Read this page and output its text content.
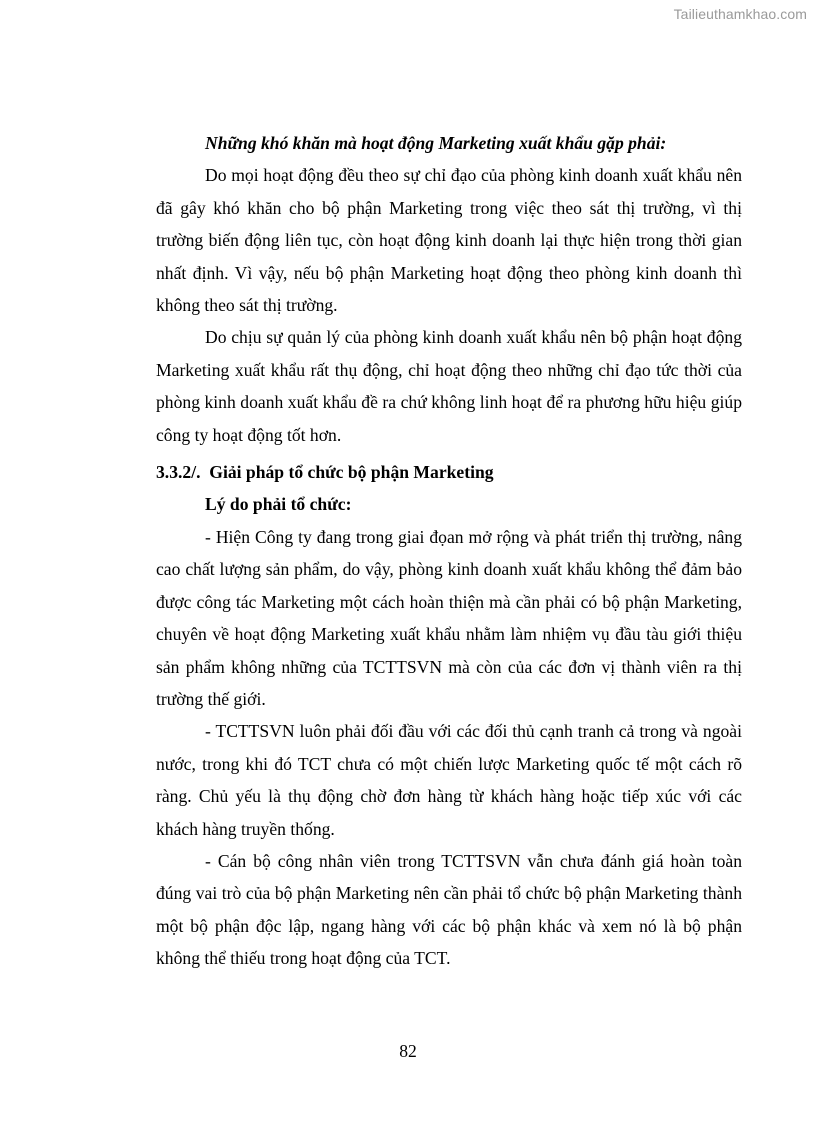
Tailieuthamkhao.com

Những khó khăn mà hoạt động Marketing xuất khẩu gặp phải:

Do mọi hoạt động đều theo sự chỉ đạo của phòng kinh doanh xuất khẩu nên đã gây khó khăn cho bộ phận Marketing trong việc theo sát thị trường, vì thị trường biến động liên tục, còn hoạt động kinh doanh lại thực hiện trong thời gian nhất định. Vì vậy, nếu bộ phận Marketing hoạt động theo phòng kinh doanh thì không theo sát thị trường.

Do chịu sự quản lý của phòng kinh doanh xuất khẩu nên bộ phận hoạt động Marketing xuất khẩu rất thụ động, chỉ hoạt động theo những chỉ đạo tức thời của phòng kinh doanh xuất khẩu đề ra chứ không linh hoạt để ra phương hữu hiệu giúp công ty hoạt động tốt hơn.

3.3.2/.  Giải pháp tổ chức bộ phận Marketing

Lý do phải tổ chức:

- Hiện Công ty đang trong giai đọan mở rộng và phát triển thị trường, nâng cao chất lượng sản phẩm, do vậy, phòng kinh doanh xuất khẩu không thể đảm bảo được công tác Marketing một cách hoàn thiện mà cần phải có bộ phận Marketing, chuyên về hoạt động Marketing xuất khẩu nhằm làm nhiệm vụ đầu tàu giới thiệu sản phẩm không những của TCTTSVN mà còn của các đơn vị thành viên ra thị trường thế giới.

- TCTTSVN luôn phải đối đầu với các đối thủ cạnh tranh cả trong và ngoài nước, trong khi đó TCT chưa có một chiến lược Marketing quốc tế một cách rõ ràng. Chủ yếu là thụ động chờ đơn hàng từ khách hàng hoặc tiếp xúc với các khách hàng truyền thống.

- Cán bộ công nhân viên trong TCTTSVN vẫn chưa đánh giá hoàn toàn đúng vai trò của bộ phận Marketing nên cần phải tổ chức bộ phận Marketing thành một bộ phận độc lập, ngang hàng với các bộ phận khác và xem nó là bộ phận không thể thiếu trong hoạt động của TCT.

82
